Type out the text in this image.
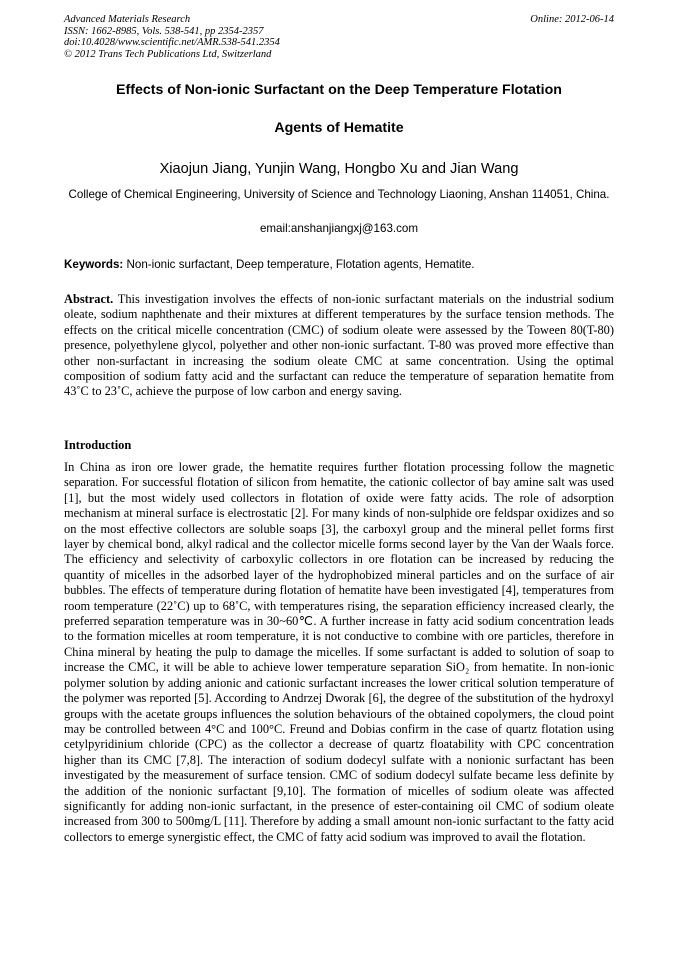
Advanced Materials Research
ISSN: 1662-8985, Vols. 538-541, pp 2354-2357
doi:10.4028/www.scientific.net/AMR.538-541.2354
© 2012 Trans Tech Publications Ltd, Switzerland
Online: 2012-06-14
Effects of Non-ionic Surfactant on the Deep Temperature Flotation
Agents of Hematite
Xiaojun Jiang, Yunjin Wang, Hongbo Xu and Jian Wang
College of Chemical Engineering, University of Science and Technology Liaoning, Anshan 114051, China.
email:anshanjiangxj@163.com
Keywords: Non-ionic surfactant, Deep temperature, Flotation agents, Hematite.
Abstract. This investigation involves the effects of non-ionic surfactant materials on the industrial sodium oleate, sodium naphthenate and their mixtures at different temperatures by the surface tension methods. The effects on the critical micelle concentration (CMC) of sodium oleate were assessed by the Toween 80(T-80) presence, polyethylene glycol, polyether and other non-ionic surfactant. T-80 was proved more effective than other non-surfactant in increasing the sodium oleate CMC at same concentration. Using the optimal composition of sodium fatty acid and the surfactant can reduce the temperature of separation hematite from 43˚C to 23˚C, achieve the purpose of low carbon and energy saving.
Introduction
In China as iron ore lower grade, the hematite requires further flotation processing follow the magnetic separation. For successful flotation of silicon from hematite, the cationic collector of bay amine salt was used [1], but the most widely used collectors in flotation of oxide were fatty acids. The role of adsorption mechanism at mineral surface is electrostatic [2]. For many kinds of non-sulphide ore feldspar oxidizes and so on the most effective collectors are soluble soaps [3], the carboxyl group and the mineral pellet forms first layer by chemical bond, alkyl radical and the collector micelle forms second layer by the Van der Waals force. The efficiency and selectivity of carboxylic collectors in ore flotation can be increased by reducing the quantity of micelles in the adsorbed layer of the hydrophobized mineral particles and on the surface of air bubbles. The effects of temperature during flotation of hematite have been investigated [4], temperatures from room temperature (22˚C) up to 68˚C, with temperatures rising, the separation efficiency increased clearly, the preferred separation temperature was in 30~60℃. A further increase in fatty acid sodium concentration leads to the formation micelles at room temperature, it is not conductive to combine with ore particles, therefore in China mineral by heating the pulp to damage the micelles. If some surfactant is added to solution of soap to increase the CMC, it will be able to achieve lower temperature separation SiO₂ from hematite. In non-ionic polymer solution by adding anionic and cationic surfactant increases the lower critical solution temperature of the polymer was reported [5]. According to Andrzej Dworak [6], the degree of the substitution of the hydroxyl groups with the acetate groups influences the solution behaviours of the obtained copolymers, the cloud point may be controlled between 4°C and 100°C. Freund and Dobias confirm in the case of quartz flotation using cetylpyridinium chloride (CPC) as the collector a decrease of quartz floatability with CPC concentration higher than its CMC [7,8]. The interaction of sodium dodecyl sulfate with a nonionic surfactant has been investigated by the measurement of surface tension. CMC of sodium dodecyl sulfate became less definite by the addition of the nonionic surfactant [9,10]. The formation of micelles of sodium oleate was affected significantly for adding non-ionic surfactant, in the presence of ester-containing oil CMC of sodium oleate increased from 300 to 500mg/L [11]. Therefore by adding a small amount non-ionic surfactant to the fatty acid collectors to emerge synergistic effect, the CMC of fatty acid sodium was improved to avail the flotation.
